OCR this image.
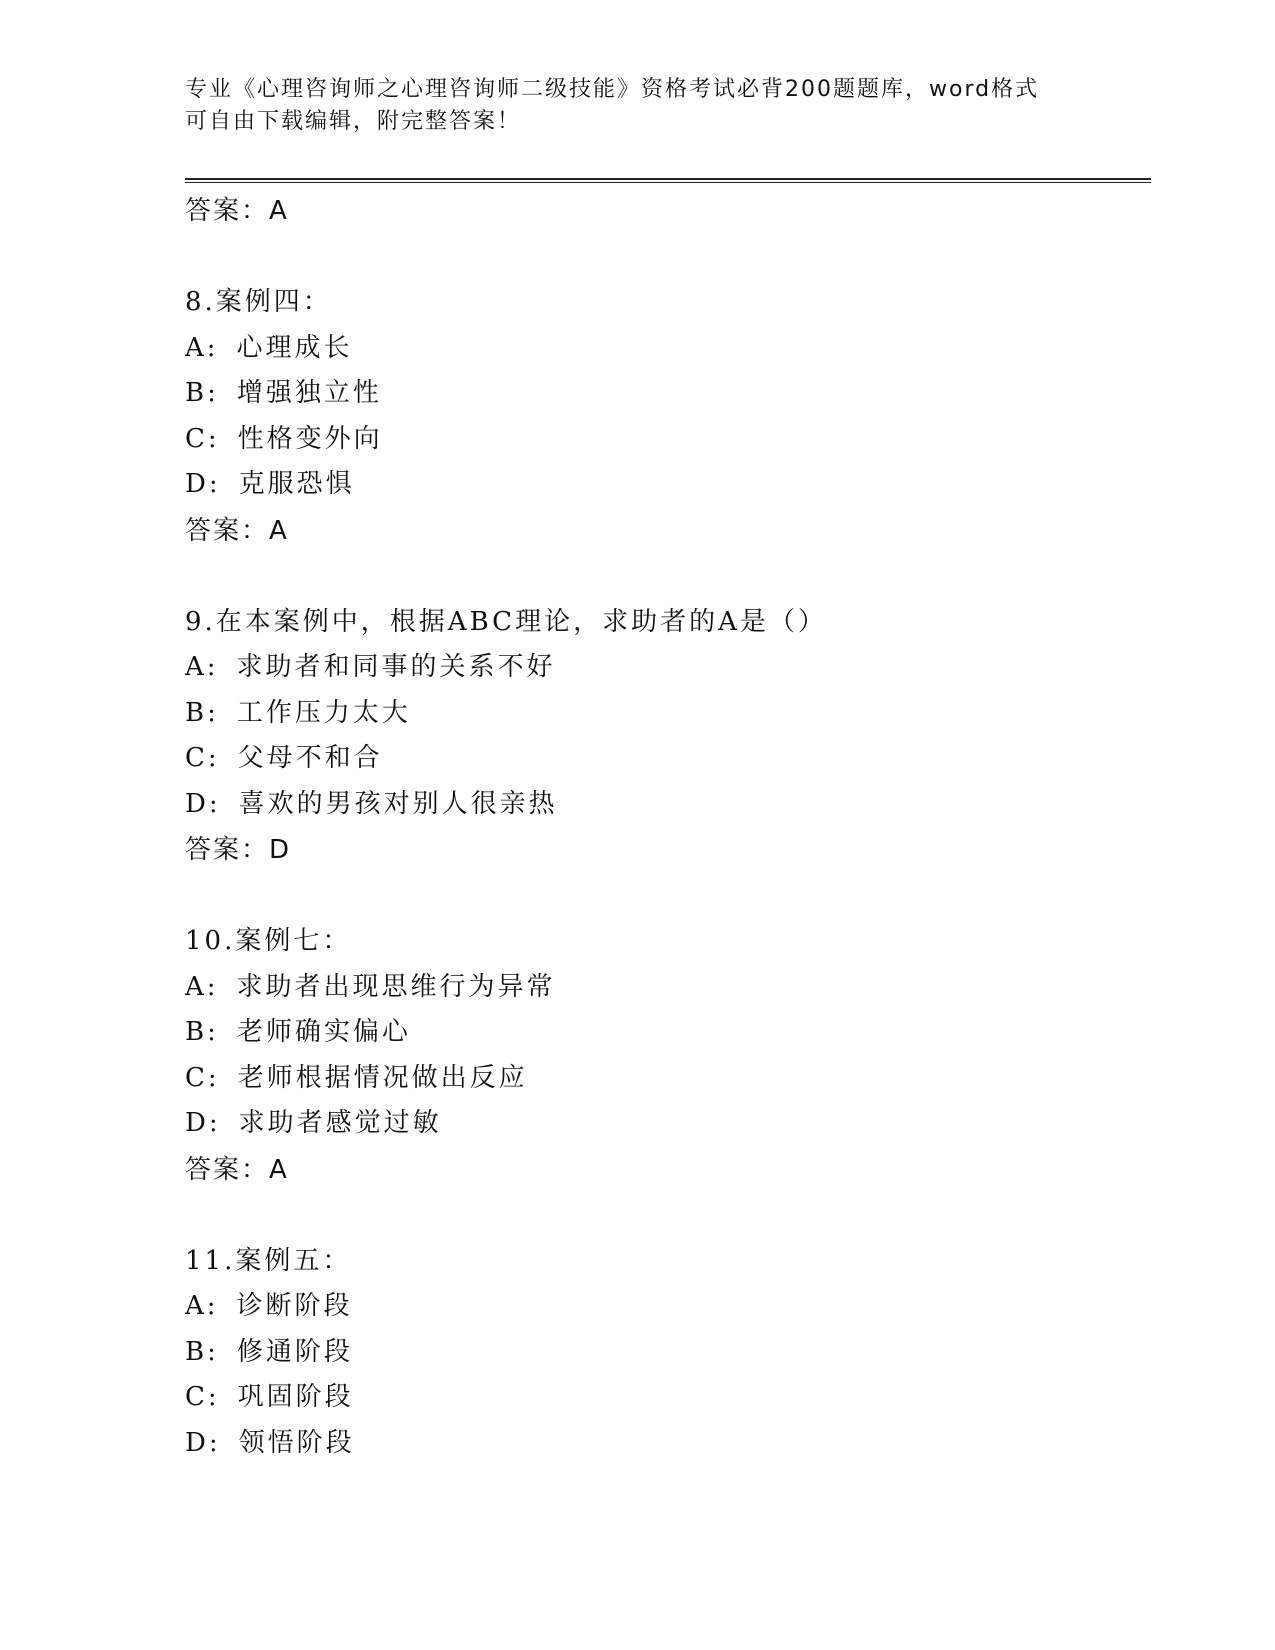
专业《心理咨询师之心理咨询师二级技能》资格考试必背200题题库，word格式
可自由下载编辑，附完整答案！
答案：A
8.案例四：
A: 心理成长
B: 增强独立性
C: 性格变外向
D: 克服恐惧
答案：A
9.在本案例中，根据ABC理论，求助者的A是（）
A: 求助者和同事的关系不好
B: 工作压力太大
C: 父母不和合
D: 喜欢的男孩对别人很亲热
答案：D
10.案例七：
A: 求助者出现思维行为异常
B: 老师确实偏心
C: 老师根据情况做出反应
D: 求助者感觉过敏
答案：A
11.案例五：
A: 诊断阶段
B: 修通阶段
C: 巩固阶段
D: 领悟阶段
